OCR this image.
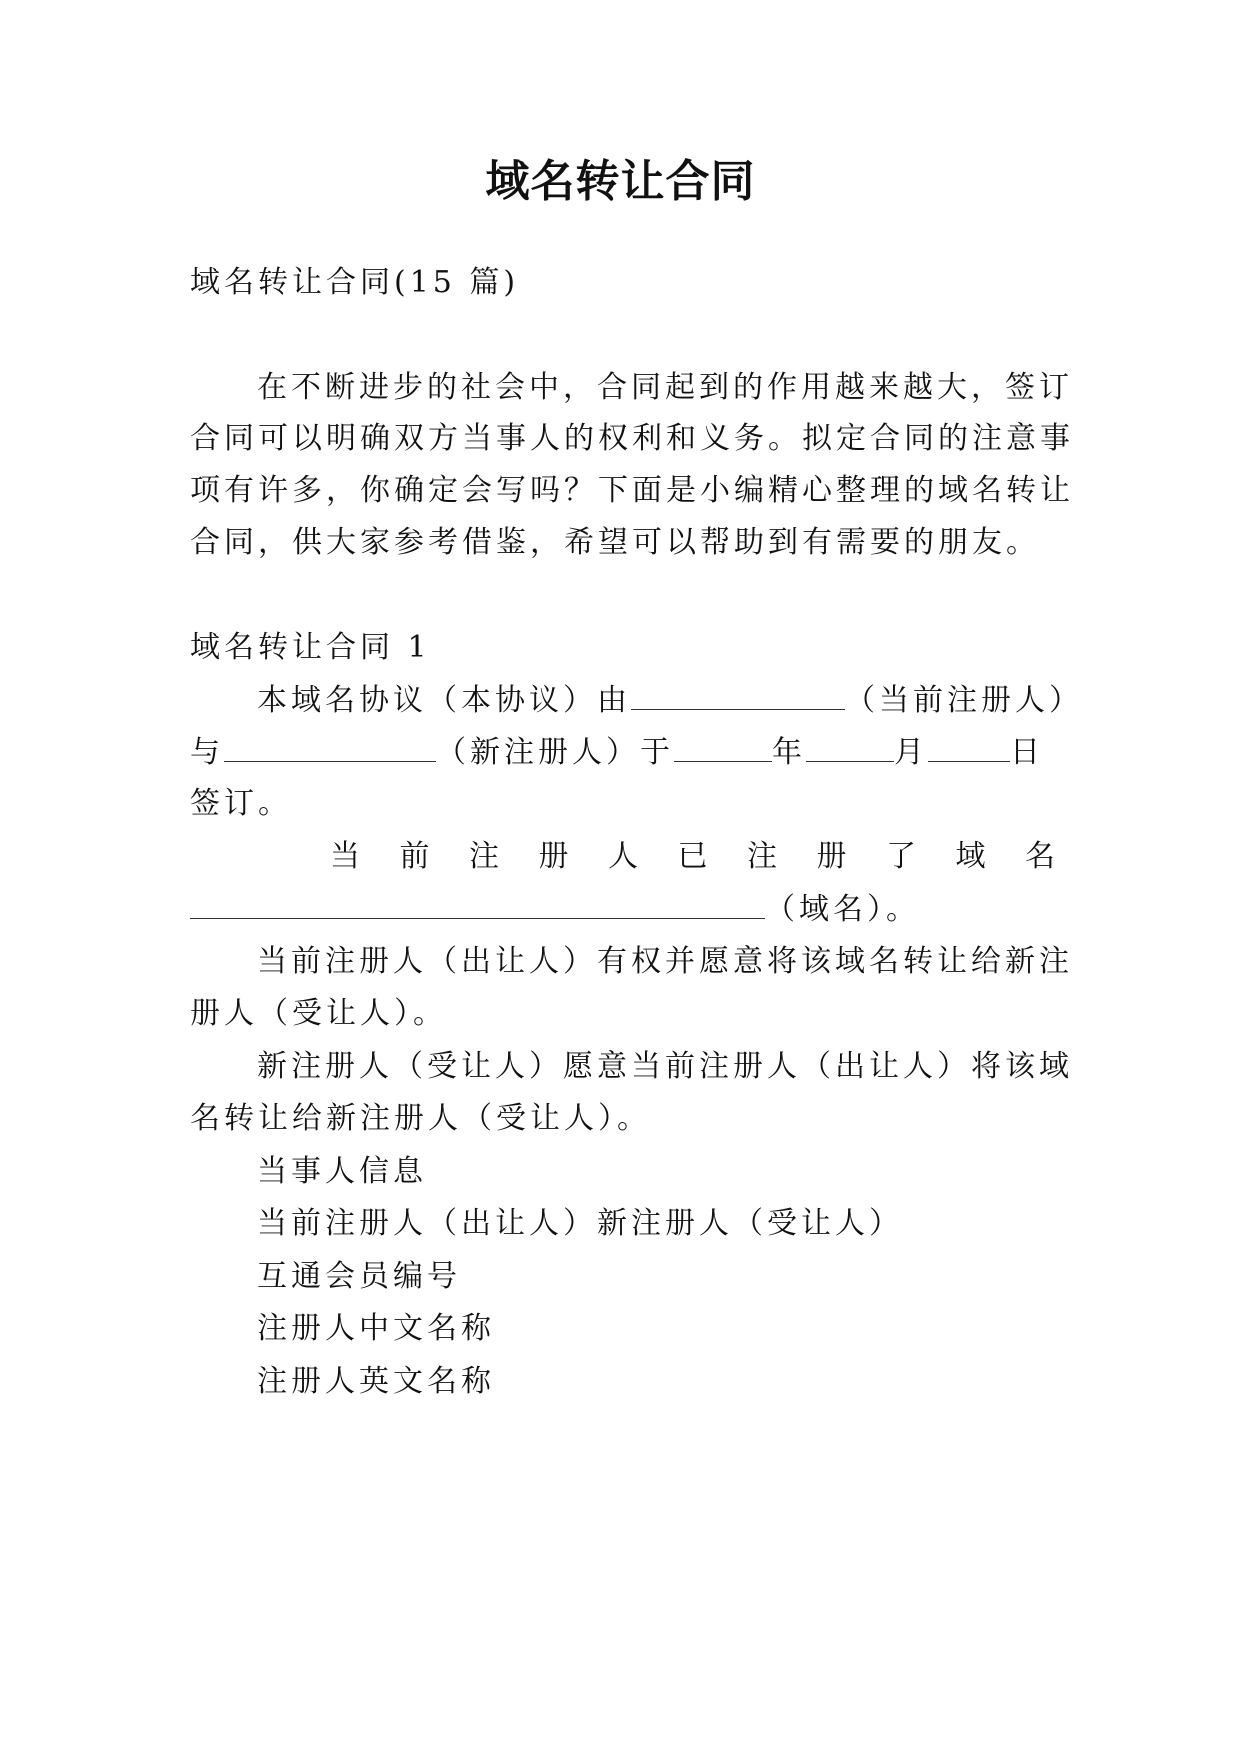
域名转让合同
域名转让合同(15 篇)
在不断进步的社会中，合同起到的作用越来越大，签订
合同可以明确双方当事人的权利和义务。拟定合同的注意事
项有许多，你确定会写吗？下面是小编精心整理的域名转让
合同，供大家参考借鉴，希望可以帮助到有需要的朋友。
域名转让合同 1
本域名协议（本协议）由	（当前注册人）
与	（新注册人）于	年	月	日
签订。
当 前 注 册 人 已 注 册 了 域 名
（域名）。
当前注册人（出让人）有权并愿意将该域名转让给新注
册人（受让人）。
新注册人（受让人）愿意当前注册人（出让人）将该域
名转让给新注册人（受让人）。
当事人信息
当前注册人（出让人）新注册人（受让人）
互通会员编号
注册人中文名称
注册人英文名称
